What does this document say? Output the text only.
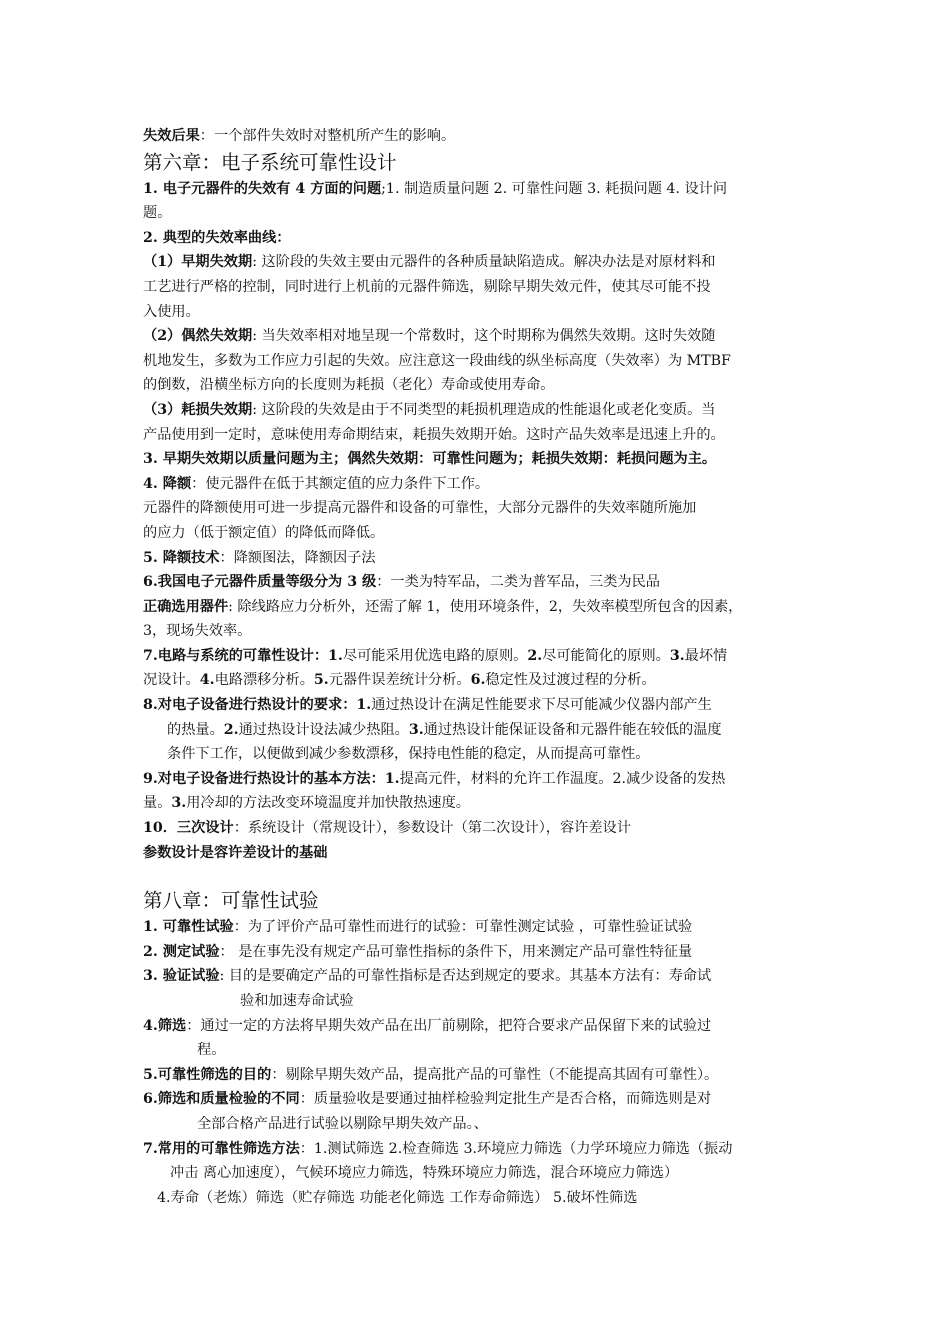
失效后果：一个部件失效时对整机所产生的影响。

第六章：电子系统可靠性设计

1. 电子元器件的失效有 4 方面的问题;1. 制造质量问题 2. 可靠性问题 3. 耗损问题 4. 设计问

题。

2. 典型的失效率曲线：

（1）早期失效期: 这阶段的失效主要由元器件的各种质量缺陷造成。解决办法是对原材料和

工艺进行严格的控制，同时进行上机前的元器件筛选，剔除早期失效元件，使其尽可能不投

入使用。

（2）偶然失效期: 当失效率相对地呈现一个常数时，这个时期称为偶然失效期。这时失效随

机地发生，多数为工作应力引起的失效。应注意这一段曲线的纵坐标高度（失效率）为 MTBF

的倒数，沿横坐标方向的长度则为耗损（老化）寿命或使用寿命。

（3）耗损失效期: 这阶段的失效是由于不同类型的耗损机理造成的性能退化或老化变质。当

产品使用到一定时，意味使用寿命期结束，耗损失效期开始。这时产品失效率是迅速上升的。

3. 早期失效期以质量问题为主；偶然失效期：可靠性问题为；耗损失效期：耗损问题为主。

4. 降额：使元器件在低于其额定值的应力条件下工作。

元器件的降额使用可进一步提高元器件和设备的可靠性，大部分元器件的失效率随所施加

的应力（低于额定值）的降低而降低。

5. 降额技术：降额图法，降额因子法

6.我国电子元器件质量等级分为 3 级：一类为特军品，二类为普军品，三类为民品

正确选用器件: 除线路应力分析外，还需了解 1，使用环境条件，2，失效率模型所包含的因素，

3，现场失效率。

7.电路与系统的可靠性设计：1.尽可能采用优选电路的原则。2.尽可能简化的原则。3.最坏情

况设计。4.电路漂移分析。5.元器件误差统计分析。6.稳定性及过渡过程的分析。

8.对电子设备进行热设计的要求：1.通过热设计在满足性能要求下尽可能减少仪器内部产生

的热量。2.通过热设计设法减少热阻。3.通过热设计能保证设备和元器件能在较低的温度

条件下工作，以便做到减少参数漂移，保持电性能的稳定，从而提高可靠性。

9.对电子设备进行热设计的基本方法：1.提高元件，材料的允许工作温度。2.减少设备的发热

量。3.用冷却的方法改变环境温度并加快散热速度。

10．三次设计：系统设计（常规设计），参数设计（第二次设计），容许差设计

参数设计是容许差设计的基础

第八章：可靠性试验

1. 可靠性试验：为了评价产品可靠性而进行的试验：可靠性测定试验 ，可靠性验证试验

2. 测定试验： 是在事先没有规定产品可靠性指标的条件下，用来测定产品可靠性特征量

3. 验证试验: 目的是要确定产品的可靠性指标是否达到规定的要求。其基本方法有：寿命试

验和加速寿命试验

4.筛选：通过一定的方法将早期失效产品在出厂前剔除，把符合要求产品保留下来的试验过

程。

5.可靠性筛选的目的：剔除早期失效产品，提高批产品的可靠性（不能提高其固有可靠性）。

6.筛选和质量检验的不同：质量验收是要通过抽样检验判定批生产是否合格，而筛选则是对

全部合格产品进行试验以剔除早期失效产品。、

7.常用的可靠性筛选方法：1.测试筛选 2.检查筛选 3.环境应力筛选（力学环境应力筛选（振动

冲击 离心加速度），气候环境应力筛选，特殊环境应力筛选，混合环境应力筛选）

4.寿命（老炼）筛选（贮存筛选 功能老化筛选 工作寿命筛选） 5.破坏性筛选
